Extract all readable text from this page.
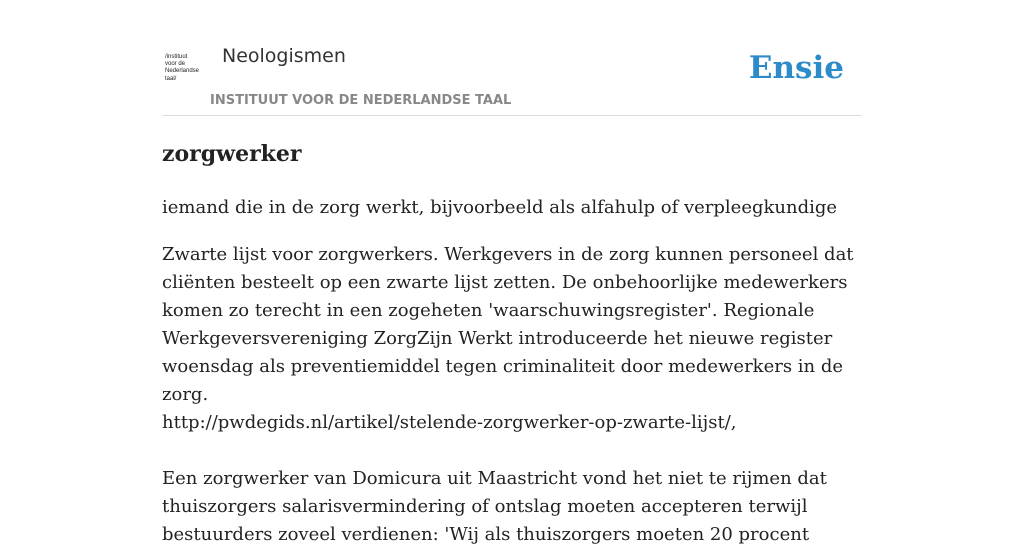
/instituut
voor de
Nederlandse
taal/
Neologismen
INSTITUUT VOOR DE NEDERLANDSE TAAL
Ensie
zorgwerker

iemand die in de zorg werkt, bijvoorbeeld als alfahulp of verpleegkundige

Zwarte lijst voor zorgwerkers. Werkgevers in de zorg kunnen personeel dat
cliënten besteelt op een zwarte lijst zetten. De onbehoorlijke medewerkers
komen zo terecht in een zogeheten 'waarschuwingsregister'. Regionale
Werkgeversvereniging ZorgZijn Werkt introduceerde het nieuwe register
woensdag als preventiemiddel tegen criminaliteit door medewerkers in de zorg.
http://pwdegids.nl/artikel/stelende-zorgwerker-op-zwarte-lijst/,

Een zorgwerker van Domicura uit Maastricht vond het niet te rijmen dat
thuiszorgers salarisvermindering of ontslag moeten accepteren terwijl
bestuurders zoveel verdienen: 'Wij als thuiszorgers moeten 20 procent
